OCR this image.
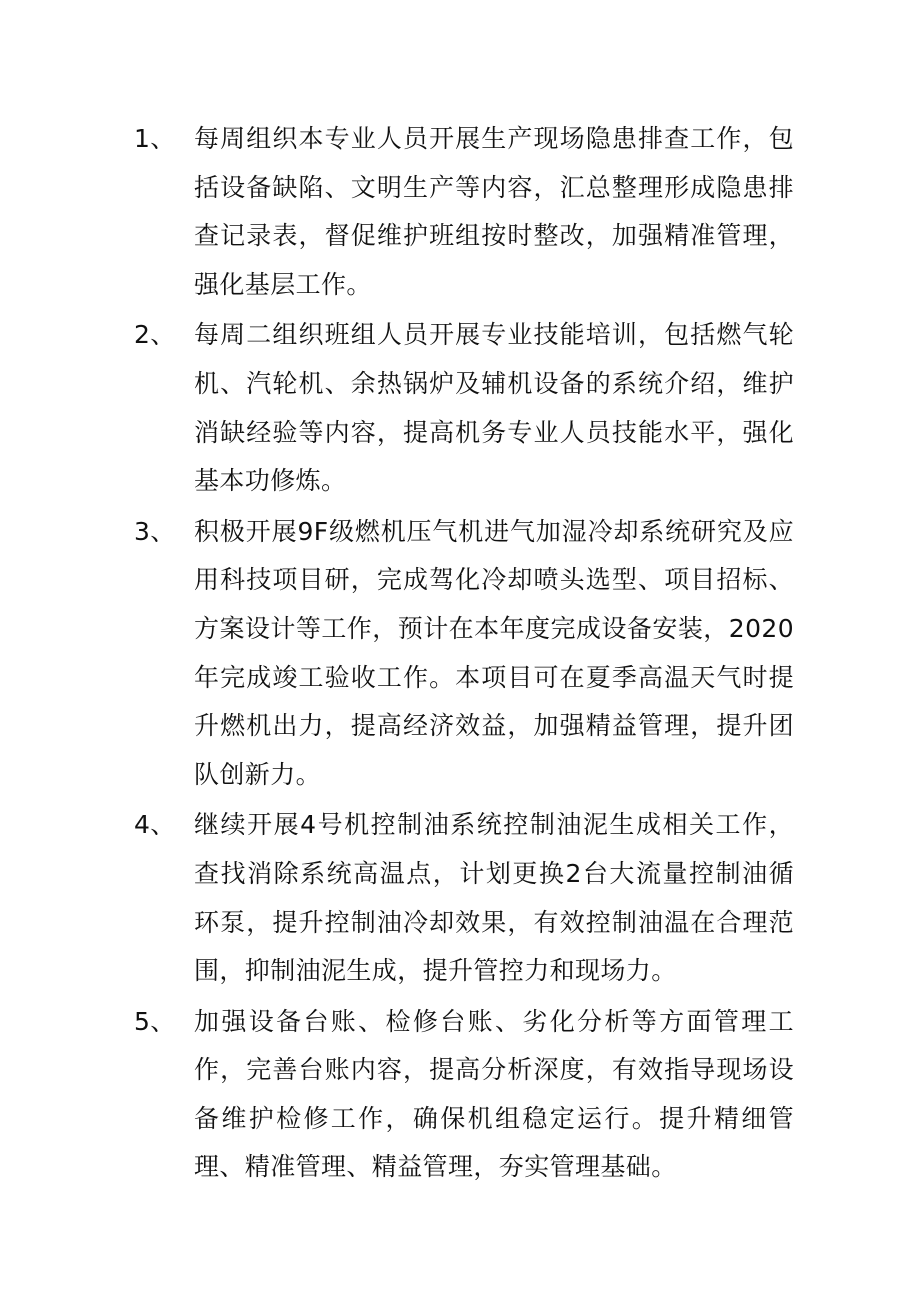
1、 每周组织本专业人员开展生产现场隐患排查工作，包括设备缺陷、文明生产等内容，汇总整理形成隐患排查记录表，督促维护班组按时整改，加强精准管理，强化基层工作。
2、 每周二组织班组人员开展专业技能培训，包括燃气轮机、汽轮机、余热锅炉及辅机设备的系统介绍，维护消缺经验等内容，提高机务专业人员技能水平，强化基本功修炼。
3、 积极开展9F级燃机压气机进气加湿冷却系统研究及应用科技项目研，完成驾化冷却喷头选型、项目招标、方案设计等工作，预计在本年度完成设备安装，2020年完成竣工验收工作。本项目可在夏季高温天气时提升燃机出力，提高经济效益，加强精益管理，提升团队创新力。
4、 继续开展4号机控制油系统控制油泥生成相关工作，查找消除系统高温点，计划更换2台大流量控制油循环泵，提升控制油冷却效果，有效控制油温在合理范围，抑制油泥生成，提升管控力和现场力。
5、 加强设备台账、检修台账、劣化分析等方面管理工作，完善台账内容，提高分析深度，有效指导现场设备维护检修工作，确保机组稳定运行。提升精细管理、精准管理、精益管理，夯实管理基础。
